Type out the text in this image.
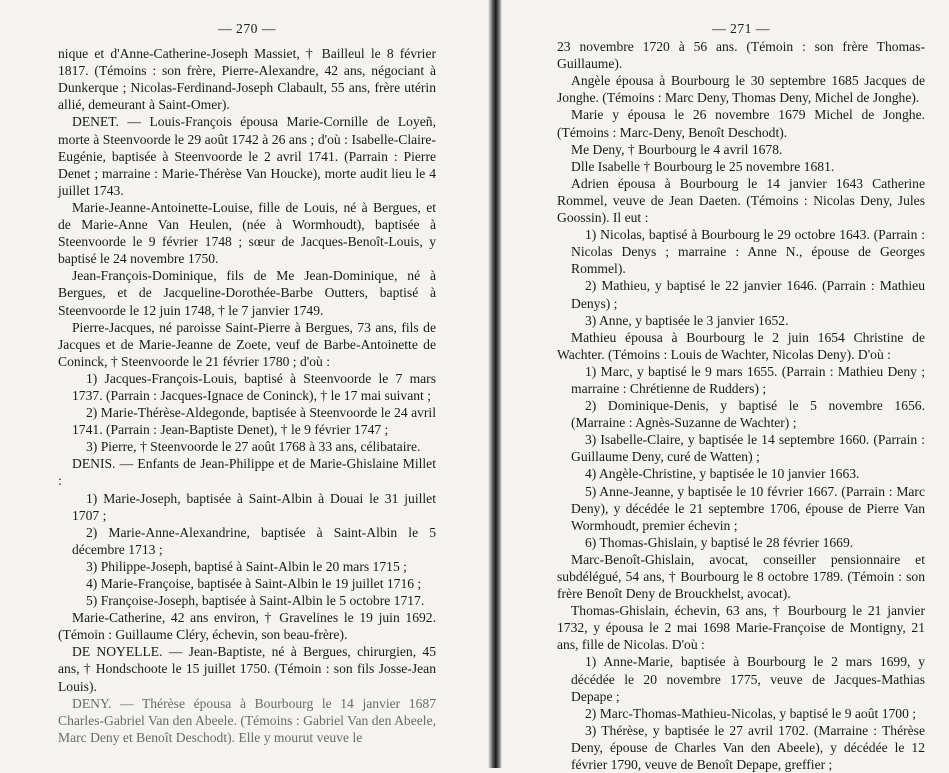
— 270 —

nique et d'Anne-Catherine-Joseph Massiet, † Bailleul le 8 février 1817. (Témoins : son frère, Pierre-Alexandre, 42 ans, négociant à Dunkerque ; Nicolas-Ferdinand-Joseph Clabault, 55 ans, frère utérin allié, demeurant à Saint-Omer).

DENET. — Louis-François épousa Marie-Cornille de Loyeñ, morte à Steenvoorde le 29 août 1742 à 26 ans ; d'où : Isabelle-Claire-Eugénie, baptisée à Steenvoorde le 2 avril 1741. (Parrain : Pierre Denet ; marraine : Marie-Thérèse Van Houcke), morte audit lieu le 4 juillet 1743.

Marie-Jeanne-Antoinette-Louise, fille de Louis, né à Bergues, et de Marie-Anne Van Heulen, (née à Wormhoudt), baptisée à Steenvoorde le 9 février 1748 ; sœur de Jacques-Benoît-Louis, y baptisé le 24 novembre 1750.

Jean-François-Dominique, fils de Me Jean-Dominique, né à Bergues, et de Jacqueline-Dorothée-Barbe Outters, baptisé à Steenvoorde le 12 juin 1748, † le 7 janvier 1749.

Pierre-Jacques, né paroisse Saint-Pierre à Bergues, 73 ans, fils de Jacques et de Marie-Jeanne de Zoete, veuf de Barbe-Antoinette de Coninck, † Steenvoorde le 21 février 1780 ; d'où :

1) Jacques-François-Louis, baptisé à Steenvoorde le 7 mars 1737. (Parrain : Jacques-Ignace de Coninck), † le 17 mai suivant ;

2) Marie-Thérèse-Aldegonde, baptisée à Steenvoorde le 24 avril 1741. (Parrain : Jean-Baptiste Denet), † le 9 février 1747 ;

3) Pierre, † Steenvoorde le 27 août 1768 à 33 ans, célibataire.

DENIS. — Enfants de Jean-Philippe et de Marie-Ghislaine Millet :

1) Marie-Joseph, baptisée à Saint-Albin à Douai le 31 juillet 1707 ;

2) Marie-Anne-Alexandrine, baptisée à Saint-Albin le 5 décembre 1713 ;

3) Philippe-Joseph, baptisé à Saint-Albin le 20 mars 1715 ;

4) Marie-Françoise, baptisée à Saint-Albin le 19 juillet 1716 ;

5) Françoise-Joseph, baptisée à Saint-Albin le 5 octobre 1717.

Marie-Catherine, 42 ans environ, † Gravelines le 19 juin 1692. (Témoin : Guillaume Cléry, échevin, son beau-frère).

DE NOYELLE. — Jean-Baptiste, né à Bergues, chirurgien, 45 ans, † Hondschoote le 15 juillet 1750. (Témoin : son fils Josse-Jean Louis).

DENY. — Thérèse épousa à Bourbourg le 14 janvier 1687 Charles-Gabriel Van den Abeele. (Témoins : Gabriel Van den Abeele, Marc Deny et Benoît Deschodt). Elle y mourut veuve le

— 271 —

23 novembre 1720 à 56 ans. (Témoin : son frère Thomas-Guillaume).

Angèle épousa à Bourbourg le 30 septembre 1685 Jacques de Jonghe. (Témoins : Marc Deny, Thomas Deny, Michel de Jonghe).

Marie y épousa le 26 novembre 1679 Michel de Jonghe. (Témoins : Marc-Deny, Benoît Deschodt).

Me Deny, † Bourbourg le 4 avril 1678.

Dlle Isabelle † Bourbourg le 25 novembre 1681.

Adrien épousa à Bourbourg le 14 janvier 1643 Catherine Rommel, veuve de Jean Daeten. (Témoins : Nicolas Deny, Jules Goossin). Il eut :

1) Nicolas, baptisé à Bourbourg le 29 octobre 1643. (Parrain : Nicolas Denys ; marraine : Anne N., épouse de Georges Rommel).

2) Mathieu, y baptisé le 22 janvier 1646. (Parrain : Mathieu Denys) ;

3) Anne, y baptisée le 3 janvier 1652.

Mathieu épousa à Bourbourg le 2 juin 1654 Christine de Wachter. (Témoins : Louis de Wachter, Nicolas Deny). D'où :

1) Marc, y baptisé le 9 mars 1655. (Parrain : Mathieu Deny ; marraine : Chrétienne de Rudders) ;

2) Dominique-Denis, y baptisé le 5 novembre 1656. (Marraine : Agnès-Suzanne de Wachter) ;

3) Isabelle-Claire, y baptisée le 14 septembre 1660. (Parrain : Guillaume Deny, curé de Watten) ;

4) Angèle-Christine, y baptisée le 10 janvier 1663.

5) Anne-Jeanne, y baptisée le 10 février 1667. (Parrain : Marc Deny), y décédée le 21 septembre 1706, épouse de Pierre Van Wormhoudt, premier échevin ;

6) Thomas-Ghislain, y baptisé le 28 février 1669.

Marc-Benoît-Ghislain, avocat, conseiller pensionnaire et subdélégué, 54 ans, † Bourbourg le 8 octobre 1789. (Témoin : son frère Benoît Deny de Brouckhelst, avocat).

Thomas-Ghislain, échevin, 63 ans, † Bourbourg le 21 janvier 1732, y épousa le 2 mai 1698 Marie-Françoise de Montigny, 21 ans, fille de Nicolas. D'où :

1) Anne-Marie, baptisée à Bourbourg le 2 mars 1699, y décédée le 20 novembre 1775, veuve de Jacques-Mathias Depape ;

2) Marc-Thomas-Mathieu-Nicolas, y baptisé le 9 août 1700 ;

3) Thérèse, y baptisée le 27 avril 1702. (Marraine : Thérèse Deny, épouse de Charles Van den Abeele), y décédée le 12 février 1790, veuve de Benoît Depape, greffier ;
